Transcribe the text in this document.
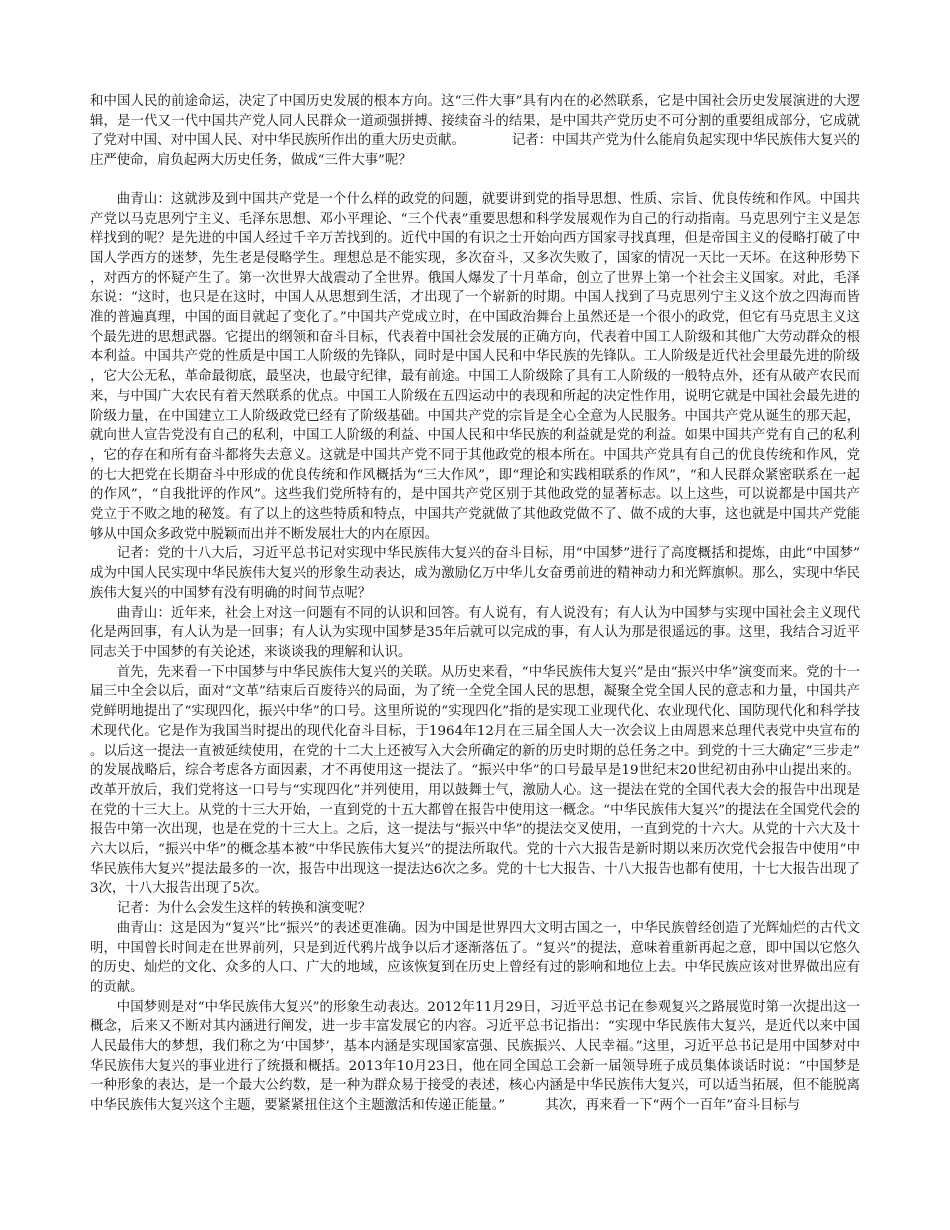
和中国人民的前途命运，决定了中国历史发展的根本方向。这“三件大事”具有内在的必然联系，它是中国社会历史发展演进的大逻辑，是一代又一代中国共产党人同人民群众一道顽强拼搏、接续奋斗的结果，是中国共产党历史不可分割的重要组成部分，它成就了党对中国、对中国人民、对中华民族所作出的重大历史贡献。　　　　记者：中国共产党为什么能肩负起实现中华民族伟大复兴的庄严使命，肩负起两大历史任务，做成“三件大事”呢？

曲青山：这就涉及到中国共产党是一个什么样的政党的问题，就要讲到党的指导思想、性质、宗旨、优良传统和作风。中国共产党以马克思列宁主义、毛泽东思想、邓小平理论、“三个代表”重要思想和科学发展观作为自己的行动指南。马克思列宁主义是怎样找到的呢？是先进的中国人经过千辛万苦找到的。近代中国的有识之士开始向西方国家寻找真理，但是帝国主义的侵略打破了中国人学西方的迷梦，先生老是侵略学生。理想总是不能实现，多次奋斗，又多次失败了，国家的情况一天比一天坏。在这种形势下，对西方的怀疑产生了。第一次世界大战震动了全世界。俄国人爆发了十月革命，创立了世界上第一个社会主义国家。对此，毛泽东说：“这时，也只是在这时，中国人从思想到生活，才出现了一个崭新的时期。中国人找到了马克思列宁主义这个放之四海而皆准的普遍真理，中国的面目就起了变化了。”中国共产党成立时，在中国政治舞台上虽然还是一个很小的政党，但它有马克思主义这个最先进的思想武器。它提出的纲领和奋斗目标，代表着中国社会发展的正确方向，代表着中国工人阶级和其他广大劳动群众的根本利益。中国共产党的性质是中国工人阶级的先锋队，同时是中国人民和中华民族的先锋队。工人阶级是近代社会里最先进的阶级，它大公无私，革命最彻底，最坚决，也最守纪律，最有前途。中国工人阶级除了具有工人阶级的一般特点外，还有从破产农民而来，与中国广大农民有着天然联系的优点。中国工人阶级在五四运动中的表现和所起的决定性作用，说明它就是中国社会最先进的阶级力量，在中国建立工人阶级政党已经有了阶级基础。中国共产党的宗旨是全心全意为人民服务。中国共产党从诞生的那天起，就向世人宣告党没有自己的私利，中国工人阶级的利益、中国人民和中华民族的利益就是党的利益。如果中国共产党有自己的私利，它的存在和所有奋斗都将失去意义。这就是中国共产党不同于其他政党的根本所在。中国共产党具有自己的优良传统和作风，党的七大把党在长期奋斗中形成的优良传统和作风概括为“三大作风”，即“理论和实践相联系的作风”，“和人民群众紧密联系在一起的作风”，“自我批评的作风”。这些我们党所特有的，是中国共产党区别于其他政党的显著标志。以上这些，可以说都是中国共产党立于不败之地的秘笈。有了以上的这些特质和特点，中国共产党就做了其他政党做不了、做不成的大事，这也就是中国共产党能够从中国众多政党中脱颖而出并不断发展壮大的内在原因。

记者：党的十八大后，习近平总书记对实现中华民族伟大复兴的奋斗目标，用“中国梦”进行了高度概括和提炼，由此“中国梦”成为中国人民实现中华民族伟大复兴的形象生动表达，成为激励亿万中华儿女奋勇前进的精神动力和光辉旗帜。那么，实现中华民族伟大复兴的中国梦有没有明确的时间节点呢？

曲青山：近年来，社会上对这一问题有不同的认识和回答。有人说有，有人说没有；有人认为中国梦与实现中国社会主义现代化是两回事，有人认为是一回事；有人认为实现中国梦是35年后就可以完成的事，有人认为那是很遥远的事。这里，我结合习近平同志关于中国梦的有关论述，来谈谈我的理解和认识。

首先，先来看一下中国梦与中华民族伟大复兴的关联。从历史来看，“中华民族伟大复兴”是由“振兴中华”演变而来。党的十一届三中全会以后，面对“文革”结束后百废待兴的局面，为了统一全党全国人民的思想，凝聚全党全国人民的意志和力量，中国共产党鲜明地提出了“实现四化，振兴中华”的口号。这里所说的“实现四化”指的是实现工业现代化、农业现代化、国防现代化和科学技术现代化。它是作为我国当时提出的现代化奋斗目标，于1964年12月在三届全国人大一次会议上由周恩来总理代表党中央宣布的。以后这一提法一直被延续使用，在党的十二大上还被写入大会所确定的新的历史时期的总任务之中。到党的十三大确定“三步走”的发展战略后，综合考虑各方面因素，才不再使用这一提法了。“振兴中华”的口号最早是19世纪末20世纪初由孙中山提出来的。改革开放后，我们党将这一口号与“实现四化”并列使用，用以鼓舞士气，激励人心。这一提法在党的全国代表大会的报告中出现是在党的十三大上。从党的十三大开始，一直到党的十五大都曾在报告中使用这一概念。“中华民族伟大复兴”的提法在全国党代会的报告中第一次出现，也是在党的十三大上。之后，这一提法与“振兴中华”的提法交叉使用，一直到党的十六大。从党的十六大及十六大以后，“振兴中华”的概念基本被“中华民族伟大复兴”的提法所取代。党的十六大报告是新时期以来历次党代会报告中使用“中华民族伟大复兴”提法最多的一次，报告中出现这一提法达6次之多。党的十七大报告、十八大报告也都有使用，十七大报告出现了3次，十八大报告出现了5次。

记者：为什么会发生这样的转换和演变呢？

曲青山：这是因为“复兴”比“振兴”的表述更准确。因为中国是世界四大文明古国之一，中华民族曾经创造了光辉灿烂的古代文明，中国曾长时间走在世界前列，只是到近代鸦片战争以后才逐渐落伍了。“复兴”的提法，意味着重新再起之意，即中国以它悠久的历史、灿烂的文化、众多的人口、广大的地域，应该恢复到在历史上曾经有过的影响和地位上去。中华民族应该对世界做出应有的贡献。

中国梦则是对“中华民族伟大复兴”的形象生动表达。2012年11月29日，习近平总书记在参观复兴之路展览时第一次提出这一概念，后来又不断对其内涵进行阐发，进一步丰富发展它的内容。习近平总书记指出：“实现中华民族伟大复兴，是近代以来中国人民最伟大的梦想，我们称之为‘中国梦’，基本内涵是实现国家富强、民族振兴、人民幸福。”这里，习近平总书记是用中国梦对中华民族伟大复兴的事业进行了统摄和概括。2013年10月23日，他在同全国总工会新一届领导班子成员集体谈话时说：“中国梦是一种形象的表达，是一个最大公约数，是一种为群众易于接受的表述，核心内涵是中华民族伟大复兴，可以适当拓展，但不能脱离中华民族伟大复兴这个主题，要紧紧扭住这个主题激活和传递正能量。”　　　其次，再来看一下“两个一百年”奋斗目标与
